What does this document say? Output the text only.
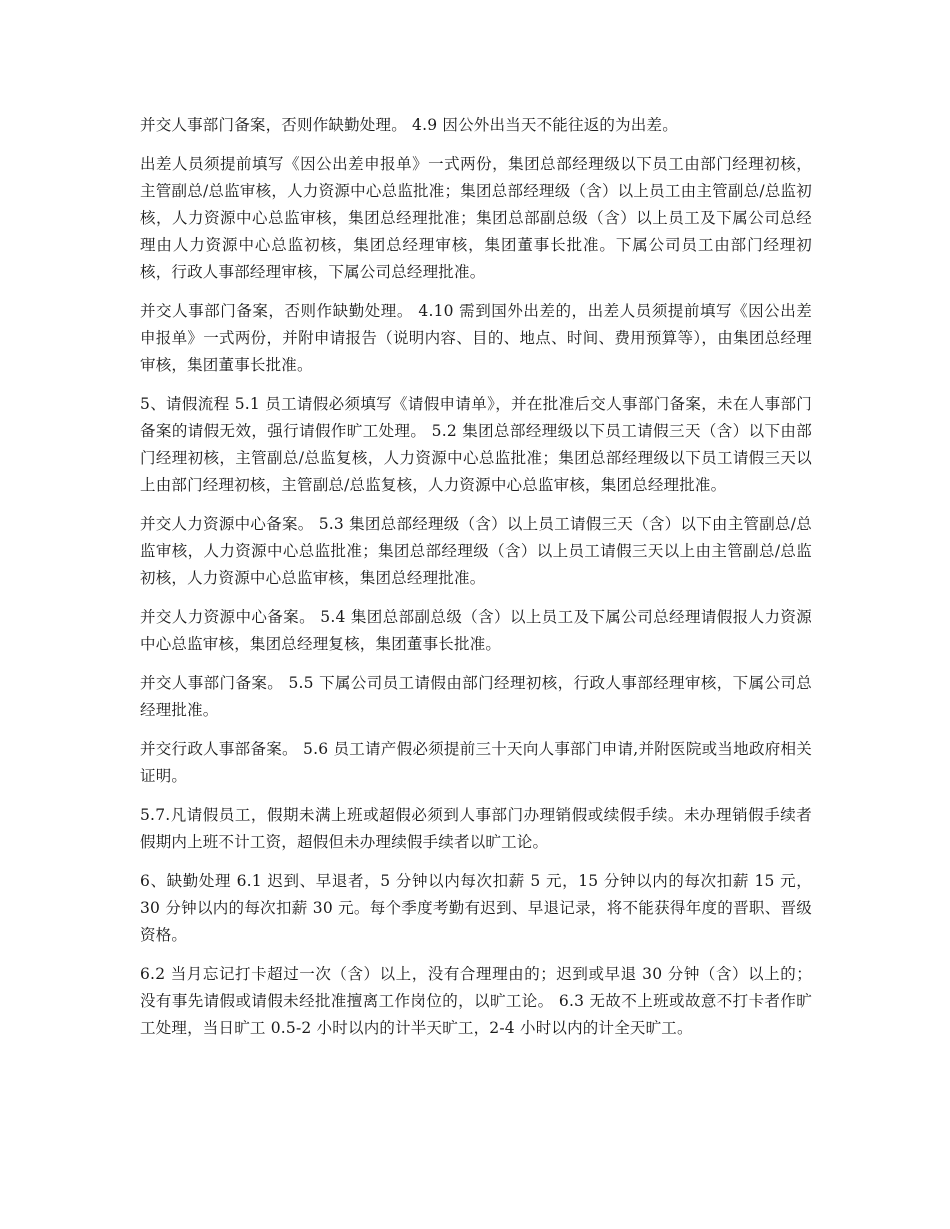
并交人事部门备案，否则作缺勤处理。 4.9 因公外出当天不能往返的为出差。

出差人员须提前填写《因公出差申报单》一式两份，集团总部经理级以下员工由部门经理初核，主管副总/总监审核，人力资源中心总监批准；集团总部经理级（含）以上员工由主管副总/总监初核，人力资源中心总监审核，集团总经理批准；集团总部副总级（含）以上员工及下属公司总经理由人力资源中心总监初核，集团总经理审核，集团董事长批准。下属公司员工由部门经理初核，行政人事部经理审核，下属公司总经理批准。

并交人事部门备案，否则作缺勤处理。 4.10 需到国外出差的，出差人员须提前填写《因公出差申报单》一式两份，并附申请报告（说明内容、目的、地点、时间、费用预算等），由集团总经理审核，集团董事长批准。

5、请假流程 5.1 员工请假必须填写《请假申请单》，并在批准后交人事部门备案，未在人事部门备案的请假无效，强行请假作旷工处理。 5.2 集团总部经理级以下员工请假三天（含）以下由部门经理初核，主管副总/总监复核，人力资源中心总监批准；集团总部经理级以下员工请假三天以上由部门经理初核，主管副总/总监复核，人力资源中心总监审核，集团总经理批准。

并交人力资源中心备案。 5.3 集团总部经理级（含）以上员工请假三天（含）以下由主管副总/总监审核，人力资源中心总监批准；集团总部经理级（含）以上员工请假三天以上由主管副总/总监初核，人力资源中心总监审核，集团总经理批准。

并交人力资源中心备案。 5.4 集团总部副总级（含）以上员工及下属公司总经理请假报人力资源中心总监审核，集团总经理复核，集团董事长批准。

并交人事部门备案。 5.5 下属公司员工请假由部门经理初核，行政人事部经理审核，下属公司总经理批准。

并交行政人事部备案。 5.6 员工请产假必须提前三十天向人事部门申请,并附医院或当地政府相关证明。

5.7.凡请假员工，假期未满上班或超假必须到人事部门办理销假或续假手续。未办理销假手续者假期内上班不计工资，超假但未办理续假手续者以旷工论。

6、缺勤处理 6.1 迟到、早退者，5 分钟以内每次扣薪 5 元，15 分钟以内的每次扣薪 15 元，30 分钟以内的每次扣薪 30 元。每个季度考勤有迟到、早退记录，将不能获得年度的晋职、晋级资格。

6.2 当月忘记打卡超过一次（含）以上，没有合理理由的；迟到或早退 30 分钟（含）以上的；没有事先请假或请假未经批准擅离工作岗位的，以旷工论。 6.3 无故不上班或故意不打卡者作旷工处理，当日旷工 0.5-2 小时以内的计半天旷工，2-4 小时以内的计全天旷工。
